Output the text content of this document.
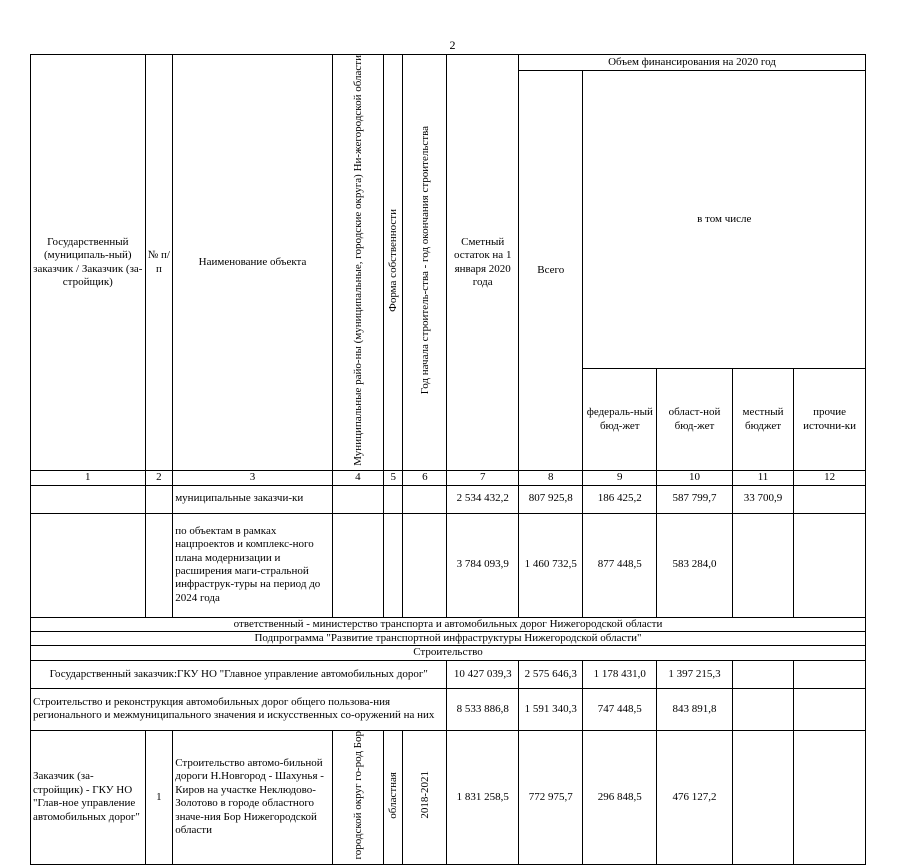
2
Государственный (муниципаль-ный) заказчик / Заказчик (за-стройщик)	№ п/п	Наименование объекта	Муниципальные райо-ны (муниципальные, городские округа) Ни-жегородской области	Форма собственности	Год начала строитель-ства - год окончания строительства	Сметный остаток на 1 января 2020 года	Объем финансирования на 2020 год				
							Всего	в том числе			
								федераль-ный бюд-жет	област-ной бюд-жет	местный бюджет	прочие источни-ки
1	2	3	4	5	6	7	8	9	10	11	12
		муниципальные заказчи-ки				2 534 432,2	807 925,8	186 425,2	587 799,7	33 700,9	
		по объектам в рамках нацпроектов и комплекс-ного плана модернизации и расширения маги-стральной инфраструк-туры на период до 2024 года				3 784 093,9	1 460 732,5	877 448,5	583 284,0		
ответственный - министерство транспорта и автомобильных дорог Нижегородской области											
Подпрограмма "Развитие транспортной инфраструктуры Нижегородской области"											
Строительство											
Государственный заказчик:ГКУ НО "Главное управление автомобильных дорог"						10 427 039,3	2 575 646,3	1 178 431,0	1 397 215,3		
Строительство и реконструкция автомобильных дорог общего пользова-ния регионального и межмуниципального значения и искусственных со-оружений на них						8 533 886,8	1 591 340,3	747 448,5	843 891,8		
Заказчик (за-стройщик) - ГКУ НО "Глав-ное управление автомобильных дорог"	1	Строительство автомо-бильной дороги Н.Новгород - Шахунья - Киров на участке Неклюдово-Золотово в городе областного значе-ния Бор Нижегородской области	городской округ го-род Бор	областная	2018-2021	1 831 258,5	772 975,7	296 848,5	476 127,2		
